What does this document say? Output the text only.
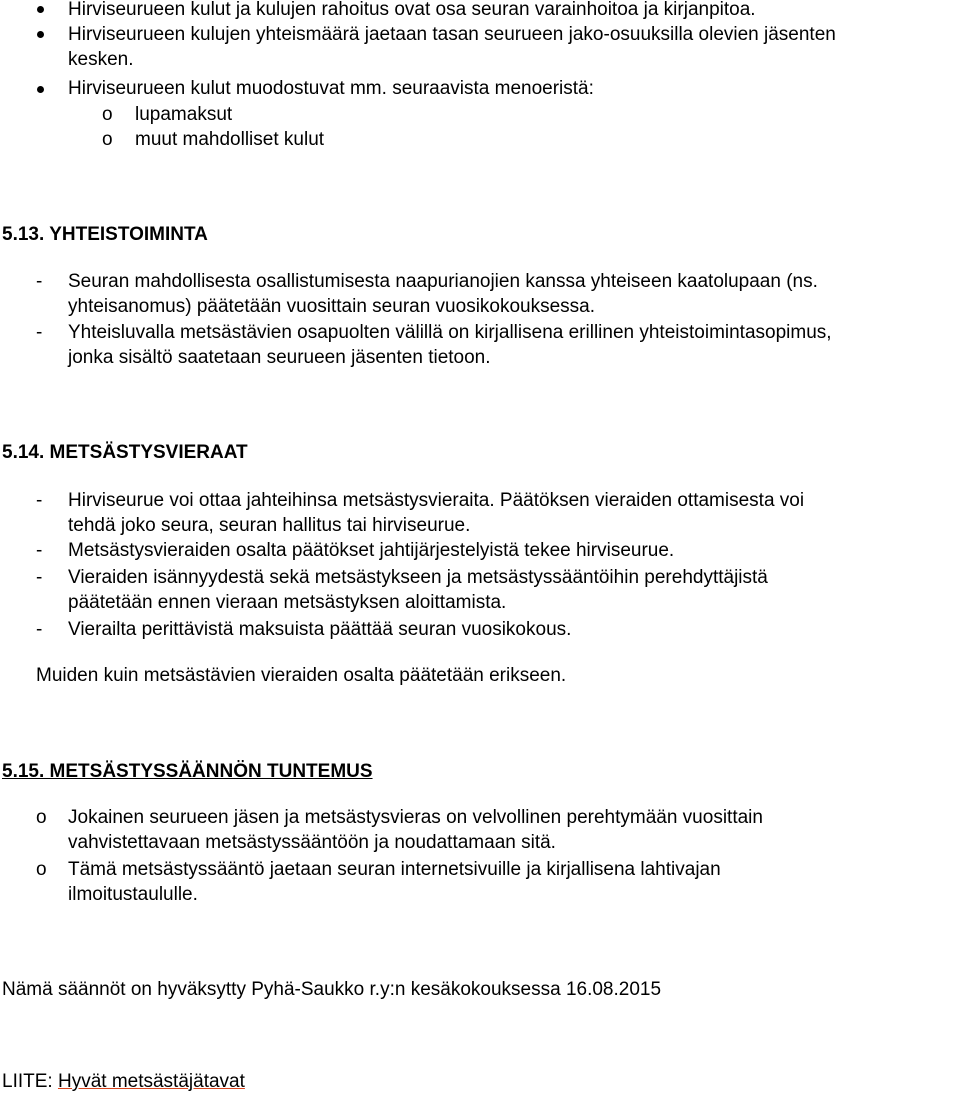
Hirviseurueen kulut ja kulujen rahoitus ovat osa seuran varainhoitoa ja kirjanpitoa.
Hirviseurueen kulujen yhteismäärä jaetaan tasan seurueen jako-osuuksilla olevien jäsenten
kesken.
Hirviseurueen kulut muodostuvat mm. seuraavista menoeristä:
o lupamaksut
o muut mahdolliset kulut
5.13. YHTEISTOIMINTA
- Seuran mahdollisesta osallistumisesta naapurianojien kanssa yhteiseen kaatolupaan (ns.
yhteisanomus) päätetään vuosittain seuran vuosikokouksessa.
- Yhteisluvalla metsästävien osapuolten välillä on kirjallisena erillinen yhteistoimintasopimus,
jonka sisältö saatetaan seurueen jäsenten tietoon.
5.14. METSÄSTYSVIERAAT
- Hirviseurue voi ottaa jahteihinsa metsästysvieraita. Päätöksen vieraiden ottamisesta voi
tehdä joko seura, seuran hallitus tai hirviseurue.
- Metsästysvieraiden osalta päätökset jahtijärjestelyistä tekee hirviseurue.
- Vieraiden isännyydestä sekä metsästykseen ja metsästyssääntöihin perehdyttäjistä
päätetään ennen vieraan metsästyksen aloittamista.
- Vierailta perittävistä maksuista päättää seuran vuosikokous.
Muiden kuin metsästävien vieraiden osalta päätetään erikseen.
5.15. METSÄSTYSSÄÄNNÖN TUNTEMUS
o Jokainen seurueen jäsen ja metsästysvieras on velvollinen perehtymään vuosittain
vahvistettavaan metsästyssääntöön ja noudattamaan sitä.
o Tämä metsästyssääntö jaetaan seuran internetsivuille ja kirjallisena lahtivajan
ilmoitustaululle.
Nämä säännöt on hyväksytty Pyhä-Saukko r.y:n kesäkokouksessa 16.08.2015
LIITE: Hyvät metsästäjätavat
